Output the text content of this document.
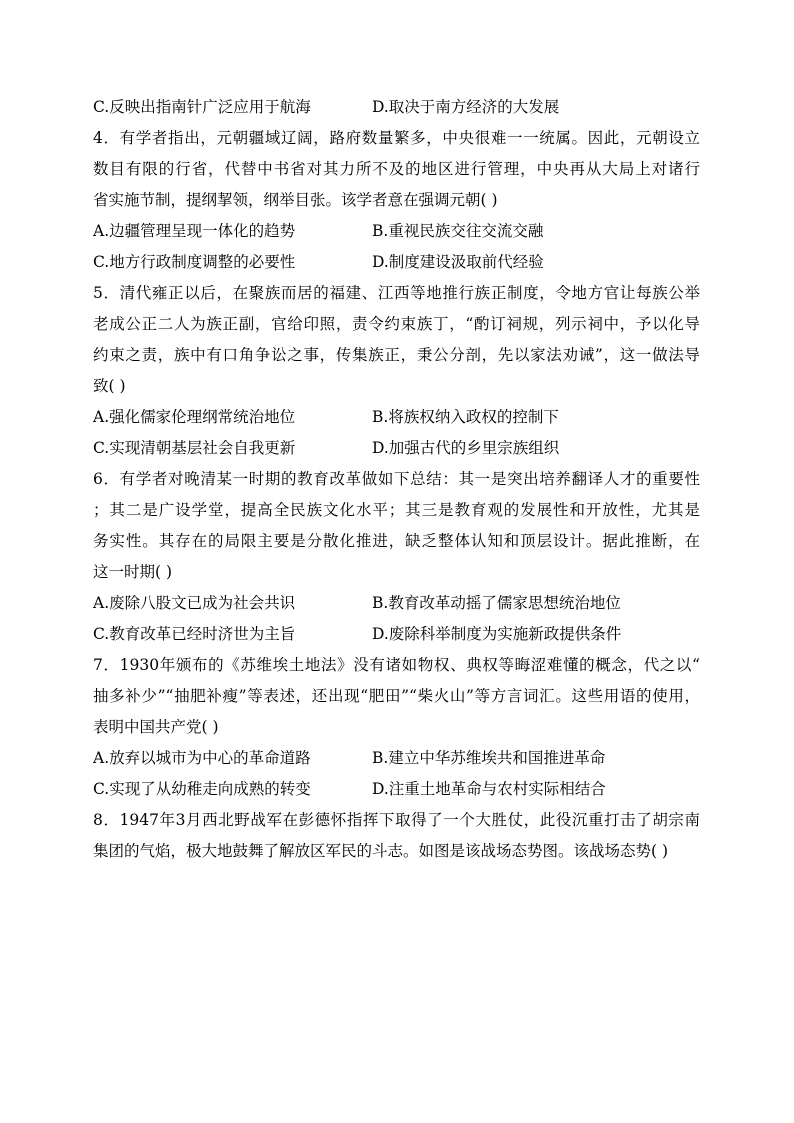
C.反映出指南针广泛应用于航海	D.取决于南方经济的大发展
4．有学者指出，元朝疆域辽阔，路府数量繁多，中央很难一一统属。因此，元朝设立
数目有限的行省，代替中书省对其力所不及的地区进行管理，中央再从大局上对诸行
省实施节制，提纲挈领，纲举目张。该学者意在强调元朝( )
A.边疆管理呈现一体化的趋势	B.重视民族交往交流交融
C.地方行政制度调整的必要性	D.制度建设汲取前代经验
5．清代雍正以后，在聚族而居的福建、江西等地推行族正制度，令地方官让每族公举
老成公正二人为族正副，官给印照，责令约束族丁，“酌订祠规，列示祠中，予以化导
约束之责，族中有口角争讼之事，传集族正，秉公分剖，先以家法劝诫”，这一做法导
致( )
A.强化儒家伦理纲常统治地位	B.将族权纳入政权的控制下
C.实现清朝基层社会自我更新	D.加强古代的乡里宗族组织
6．有学者对晚清某一时期的教育改革做如下总结：其一是突出培养翻译人才的重要性
；其二是广设学堂，提高全民族文化水平；其三是教育观的发展性和开放性，尤其是
务实性。其存在的局限主要是分散化推进，缺乏整体认知和顶层设计。据此推断，在
这一时期( )
A.废除八股文已成为社会共识	B.教育改革动摇了儒家思想统治地位
C.教育改革已经时济世为主旨	D.废除科举制度为实施新政提供条件
7．1930年颁布的《苏维埃土地法》没有诸如物权、典权等晦涩难懂的概念，代之以“
抽多补少”“抽肥补瘦”等表述，还出现“肥田”“柴火山”等方言词汇。这些用语的使用，
表明中国共产党( )
A.放弃以城市为中心的革命道路	B.建立中华苏维埃共和国推进革命
C.实现了从幼稚走向成熟的转变	D.注重土地革命与农村实际相结合
8．1947年3月西北野战军在彭德怀指挥下取得了一个大胜仗，此役沉重打击了胡宗南
集团的气焰，极大地鼓舞了解放区军民的斗志。如图是该战场态势图。该战场态势( )
